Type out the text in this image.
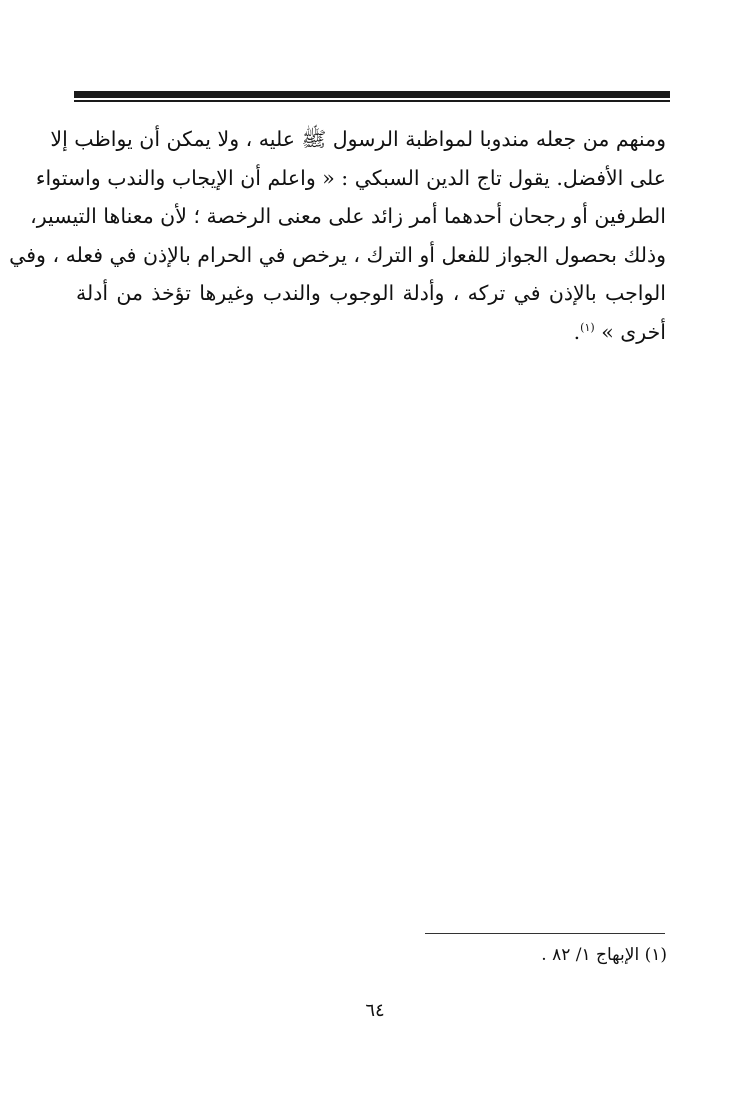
ومنهم من جعله مندوبا لمواظبة الرسول ﷺ عليه ، ولا يمكن أن يواظب إلا
على الأفضل. يقول تاج الدين السبكي : « واعلم أن الإيجاب والندب واستواء
الطرفين أو رجحان أحدهما أمر زائد على معنى الرخصة ؛ لأن معناها التيسير،
وذلك بحصول الجواز للفعل أو الترك ، يرخص في الحرام بالإذن في فعله ، وفي
الواجب بالإذن في تركه ، وأدلة الوجوب والندب وغيرها تؤخذ من أدلة
أخرى » $^{(١)}$.
(١) الإبهاج ١/ ٨٢ .
٦٤
